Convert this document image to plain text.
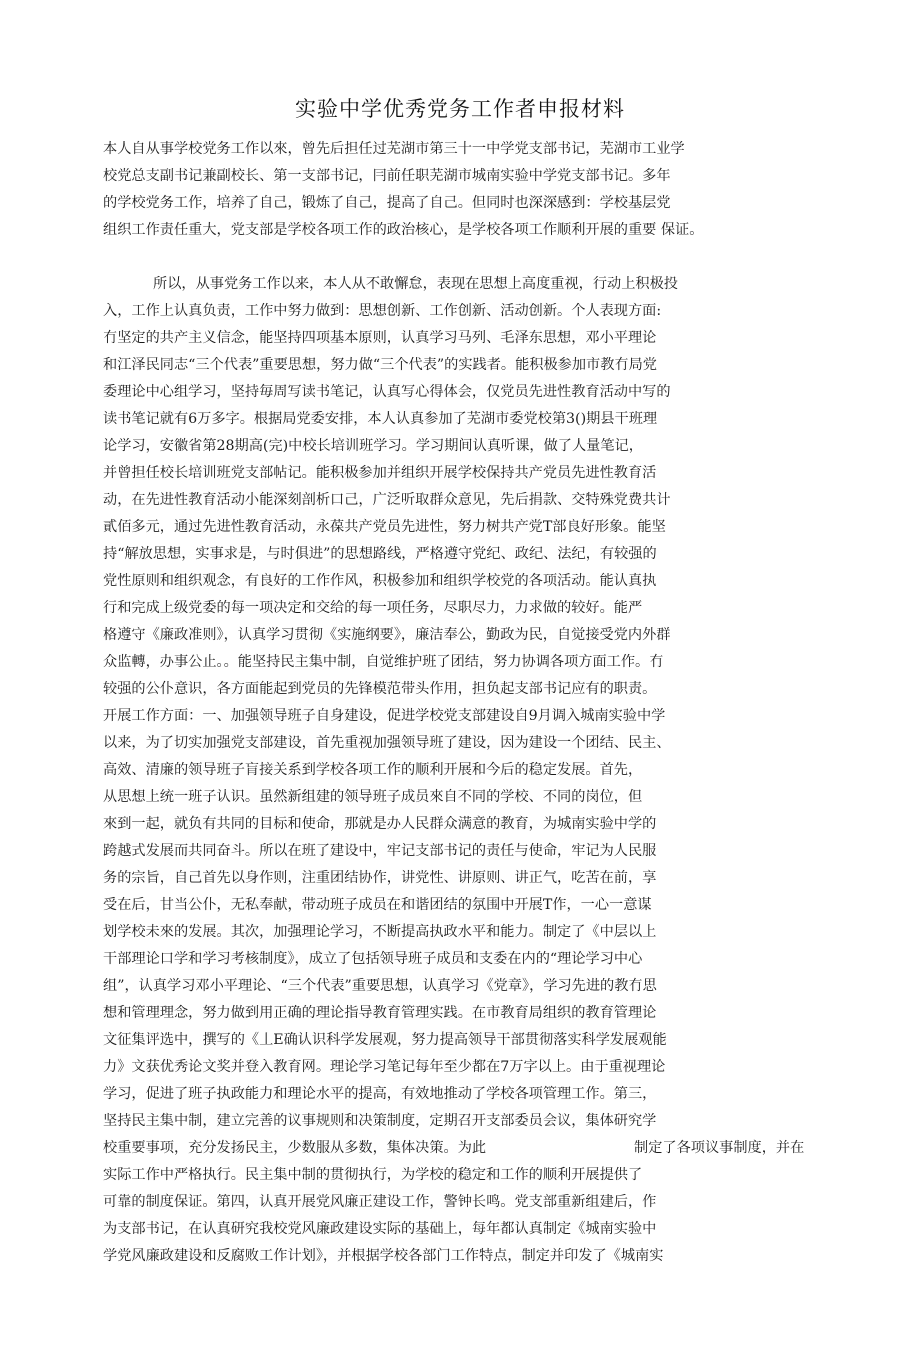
实验中学优秀党务工作者申报材料
本人自从事学校党务工作以來，曾先后担任过芜湖市第三十一中学党支部书记，芜湖市工业学
校党总支副书记兼副校长、第一支部书记，冃前任职芜湖市城南实验中学党支部书记。多年
的学校党务工作，培养了自己，锻炼了自己，提高了自己。但同时也深深感到：学校基层党
组织工作责任重大，党支部是学校各项工作的政治核心，是学校各项工作顺利开展的重要 保证。
所以，从事党务工作以来，本人从不敢懈怠，表现在思想上高度重视，行动上积极投
入，工作上认真负责，工作中努力做到：思想创新、工作创新、活动创新。个人表现方面:
冇坚定的共产主义信念，能坚持四项基本原则，认真学习马列、毛泽东思想，邓小平理论
和江泽民同志“三个代表”重要思想，努力做“三个代表”的实践者。能积极参加市教冇局党
委理论中心组学习，坚持毎周写读书笔记，认真写心得体会，仅党员先进性教育活动中写的
读书笔记就有6万多字。根据局党委安排，本人认真参加了芜湖市委党校第3()期县干班理
论学习，安徽省第28期高(完)中校长培训班学习。学习期间认真听课，做了人量笔记，
并曾担任校长培训班党支部帖记。能积极参加并组织开展学校保持共产党员先进性教育活
动，在先进性教育活动小能深刻剖析口己，广泛听取群众意见，先后捐款、交特殊党费共计
貳佰多元，通过先进性教育活动，永葆共产党员先进性，努力树共产党T部良好形象。能坚
持“解放思想，实事求是，与时俱进”的思想路线，严格遵守党纪、政纪、法纪，有较强的
党性原则和组织观念，有良好的工作作风，积极参加和组织学校党的各项活动。能认真执
行和完成上级党委的每一项决定和交给的每一项任务，尽职尽力，力求做的较好。能严
格遵守《廉政准则》，认真学习贯彻《实施纲要》，廉洁奉公，勤政为民，自觉接受党内外群
众监轉，办事公止。。能坚持民主集中制，自觉维护班了团结，努力协调各项方面工作。冇
较强的公仆意识，各方面能起到党员的先锋模范带头作用，担负起支部书记应有的职责。
开展工作方面：一、加强领导班子自身建设，促进学校党支部建设自9月调入城南实验中学
以来，为了切实加强党支部建设，首先重视加强领导班了建设，因为建设一个团结、民主、
高效、清廉的领导班子肓接关系到学校各项工作的顺利开展和今后的稳定发展。首先，
从思想上统一班子认识。虽然新组建的领导班子成员來自不同的学校、不同的岗位，但
來到一起，就负有共同的目标和使命，那就是办人民群众满意的教育，为城南实验中学的
跨越式发展而共同奋斗。所以在班了建设中，牢记支部书记的责任与使命，牢记为人民服
务的宗旨，自己首先以身作则，注重团结协作，讲党性、讲原则、讲正气，吃苦在前，享
受在后，甘当公仆，无私奉献，带动班子成员在和谐团结的氛围中开展T作，一心一意谋
划学校未來的发展。其次，加强理论学习，不断提高执政水平和能力。制定了《中层以上
干部理论口学和学习考核制度》，成立了包括领导班子成员和支委在内的“理论学习中心
组”，认真学习邓小平理论、“三个代表”重要思想，认真学习《党章》，学习先进的教冇思
想和管理理念，努力做到用正确的理论指导教育管理实践。在市教育局组织的教育管理论
文征集评选中，撰写的《丄E确认识科学发展观，努力提高领导干部贯彻落实科学发展观能
力》文获优秀论文奖并登入教育网。理论学习笔记每年至少都在7万字以上。由于重视理论
学习，促进了班子执政能力和理论水平的提高，有效地推动了学校各项管理工作。第三，
坚持民主集中制，建立完善的议事规则和决策制度，定期召开支部委员会议，集体研究学
校重要事项，充分发扬民主，少数服从多数，集体决策。为此	制定了各项议事制度，并在
实际工作中严格执行。民主集中制的贯彻执行，为学校的稳定和工作的顺利开展提供了
可靠的制度保证。第四，认真开展党风廉正建设工作，警钟长鸣。党支部重新组建后，作
为支部书记，在认真研究我校党风廉政建设实际的基础上，每年都认真制定《城南实验中
学党风廉政建设和反腐败工作计划》，并根据学校各部门工作特点，制定并印发了《城南实
